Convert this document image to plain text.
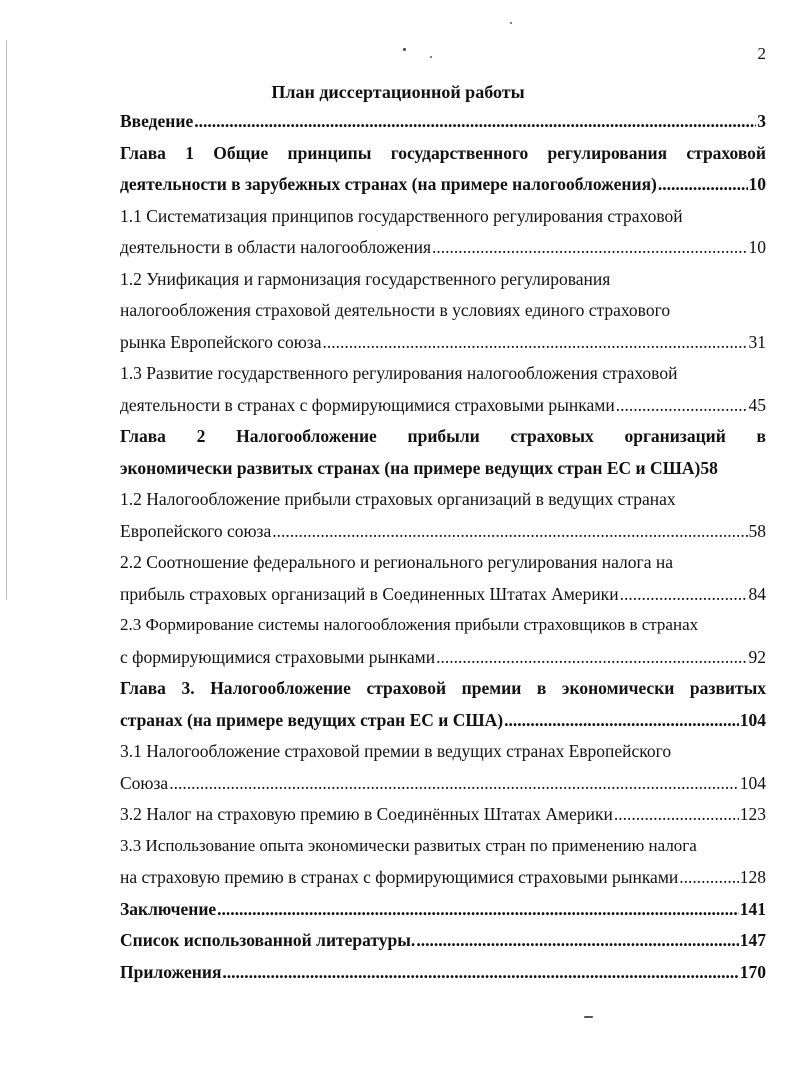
2
План диссертационной работы
Введение .....	3
Глава 1 Общие принципы государственного регулирования страховой
деятельности в зарубежных странах (на примере налогообложения) .....	10
1.1 Систематизация принципов государственного регулирования страховой
деятельности в области налогообложения .....	10
1.2 Унификация и гармонизация государственного регулирования
налогообложения страховой деятельности в условиях единого страхового
рынка Европейского союза .....	31
1.3 Развитие государственного регулирования налогообложения страховой
деятельности в странах с формирующимися страховыми рынками .....	45
Глава 2 Налогообложение прибыли страховых организаций в
экономически развитых странах (на примере ведущих стран ЕС и США) 58
1.2 Налогообложение прибыли страховых организаций в ведущих странах
Европейского союза .....	58
2.2 Соотношение федерального и регионального регулирования налога на
прибыль страховых организаций в Соединенных Штатах Америки .....	84
2.3 Формирование системы налогообложения прибыли страховщиков в странах
с формирующимися страховыми рынками .....	92
Глава 3. Налогообложение страховой премии в экономически развитых
странах (на примере ведущих стран ЕС и США) .....	104
3.1 Налогообложение страховой премии в ведущих странах Европейского
Союза .....	104
3.2 Налог на страховую премию в Соединённых Штатах Америки .....	123
3.3 Использование опыта экономически развитых стран по применению налога
на страховую премию в странах с формирующимися страховыми рынками .....	128
Заключение .....	141
Список использованной литературы. .....	147
Приложения .....	170
